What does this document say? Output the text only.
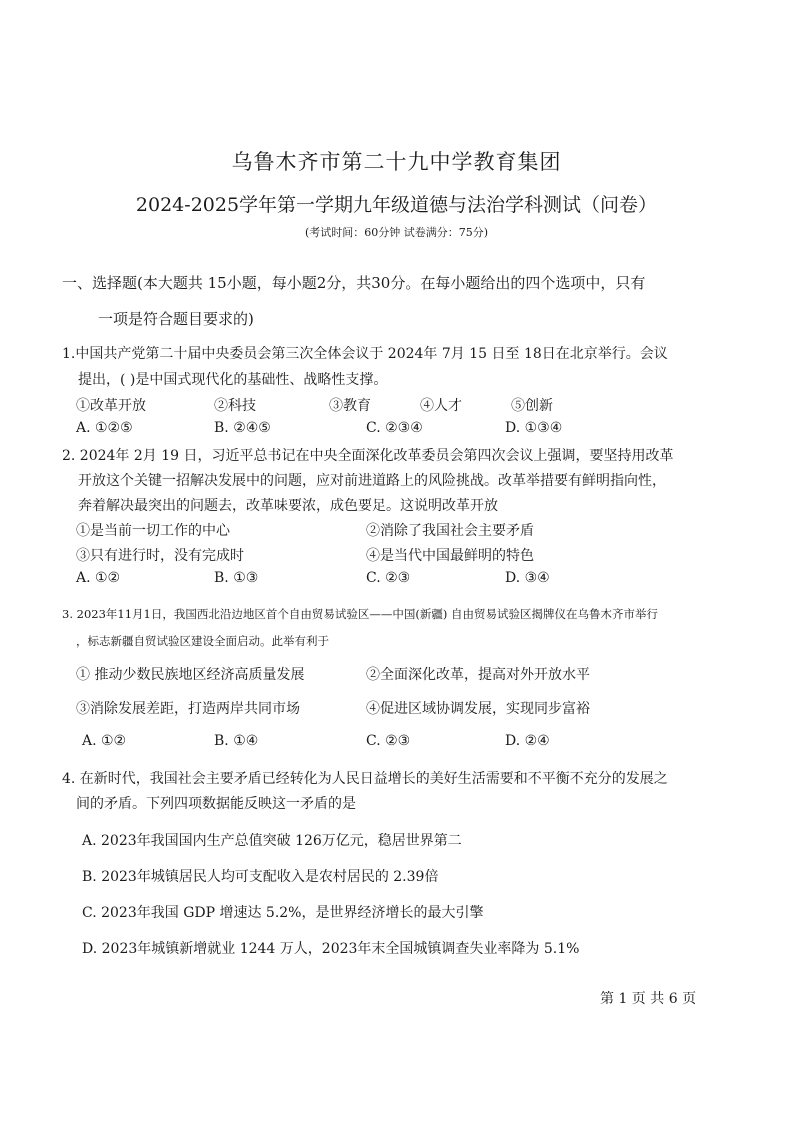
乌鲁木齐市第二十九中学教育集团
2024-2025学年第一学期九年级道德与法治学科测试（问卷）
(考试时间：60分钟 试卷满分：75分)
一、选择题(本大题共 15小题，每小题2分，共30分。在每小题给出的四个选项中，只有
一项是符合题目要求的)
1.中国共产党第二十届中央委员会第三次全体会议于 2024年 7月 15 日至 18日在北京举行。会议
提出，( )是中国式现代化的基础性、战略性支撑。
①改革开放	②科技	③教育	④人才	⑤创新
A. ①②⑤	B. ②④⑤	C. ②③④	D. ①③④
2. 2024年 2月 19 日，习近平总书记在中央全面深化改革委员会第四次会议上强调，要坚持用改革
开放这个关键一招解决发展中的问题，应对前进道路上的风险挑战。改革举措要有鲜明指向性，
奔着解决最突出的问题去，改革味要浓，成色要足。这说明改革开放
①是当前一切工作的中心	②消除了我国社会主要矛盾
③只有进行时，没有完成时	④是当代中国最鲜明的特色
A. ①②	B. ①③	C. ②③	D. ③④
3. 2023年11月1日，我国西北沿边地区首个自由贸易试验区——中国(新疆) 自由贸易试验区揭牌仪在乌鲁木齐市举行
，标志新疆自贸试验区建设全面启动。此举有利于
① 推动少数民族地区经济高质量发展	②全面深化改革，提高对外开放水平
③消除发展差距，打造两岸共同市场	④促进区域协调发展，实现同步富裕
A. ①②	B. ①④	C. ②③	D. ②④
4. 在新时代，我国社会主要矛盾已经转化为人民日益增长的美好生活需要和不平衡不充分的发展之
间的矛盾。下列四项数据能反映这一矛盾的是
A. 2023年我国国内生产总值突破 126万亿元，稳居世界第二
B. 2023年城镇居民人均可支配收入是农村居民的 2.39倍
C. 2023年我国 GDP 增速达 5.2%，是世界经济增长的最大引擎
D. 2023年城镇新增就业 1244 万人，2023年末全国城镇调查失业率降为 5.1%
第 1 页 共 6 页
